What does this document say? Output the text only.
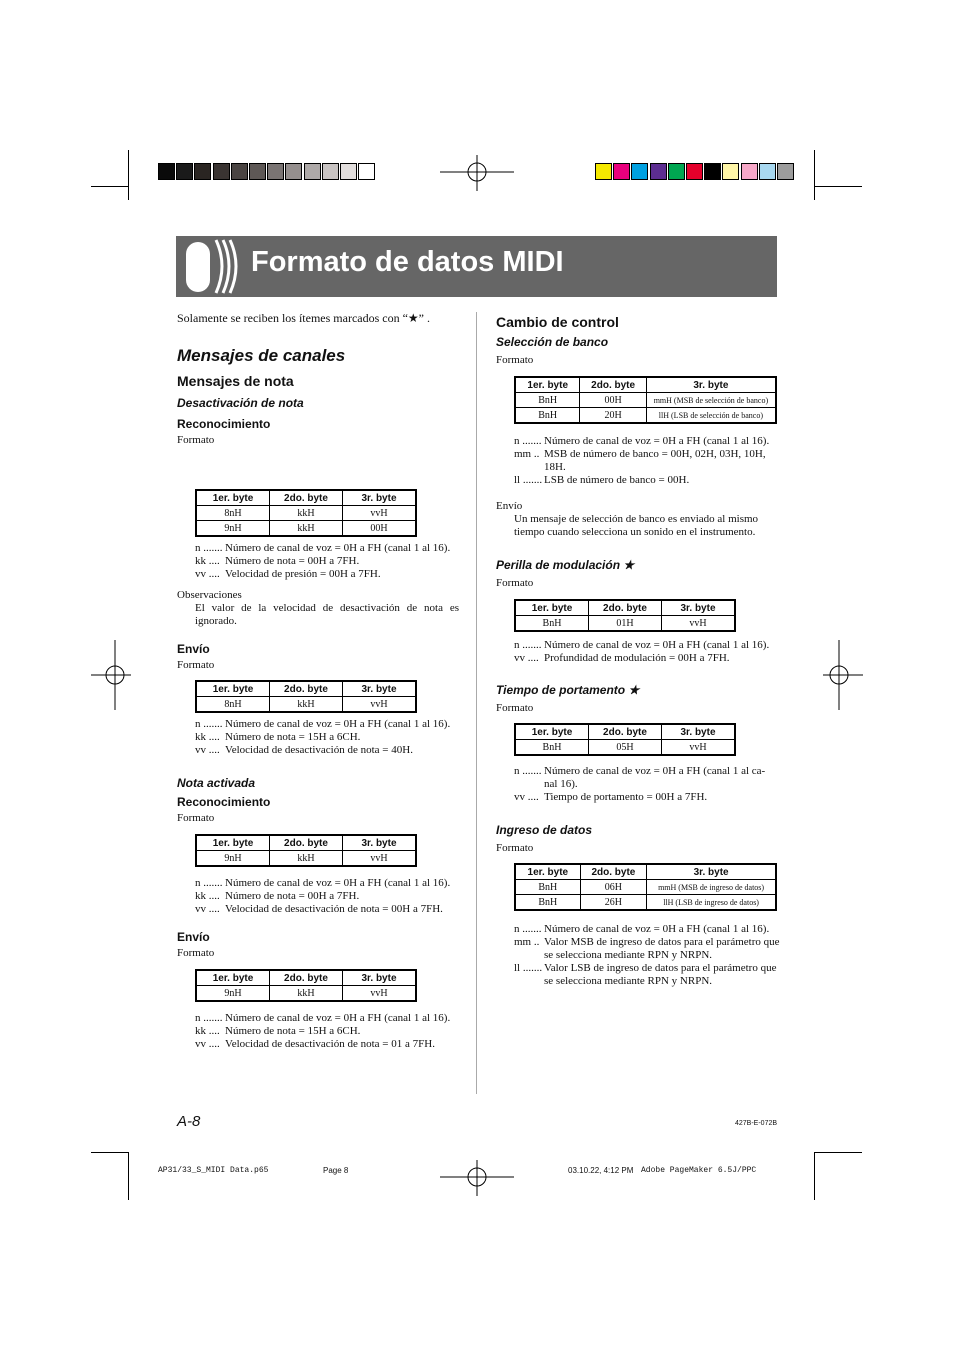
Formato de datos MIDI
Solamente se reciben los ítemes marcados con “★” .
Mensajes de canales
Mensajes de nota
Desactivación de nota
Reconocimiento
Formato
1er. byte	2do. byte	3r. byte
8nH	kkH	vvH
9nH	kkH	00H
n ....... Número de canal de voz = 0H a FH (canal 1 al 16).
kk .... Número de nota = 00H a 7FH.
vv .... Velocidad de presión = 00H a 7FH.
Observaciones
El valor de la velocidad de desactivación de nota es ignorado.
Envío
Formato
1er. byte	2do. byte	3r. byte
8nH	kkH	vvH
n ....... Número de canal de voz = 0H a FH (canal 1 al 16).
kk .... Número de nota = 15H a 6CH.
vv .... Velocidad de desactivación de nota = 40H.
Nota activada
Reconocimiento
Formato
1er. byte	2do. byte	3r. byte
9nH	kkH	vvH
n ....... Número de canal de voz = 0H a FH (canal 1 al 16).
kk .... Número de nota = 00H a 7FH.
vv .... Velocidad de desactivación de nota = 00H a 7FH.
Envío
Formato
1er. byte	2do. byte	3r. byte
9nH	kkH	vvH
n ....... Número de canal de voz = 0H a FH (canal 1 al 16).
kk .... Número de nota = 15H a 6CH.
vv .... Velocidad de desactivación de nota = 01 a 7FH.
Cambio de control
Selección de banco
Formato
1er. byte	2do. byte	3r. byte
BnH	00H	mmH (MSB de selección de banco)
BnH	20H	llH (LSB de selección de banco)
n ....... Número de canal de voz = 0H a FH (canal 1 al 16).
mm .. MSB de número de banco = 00H, 02H, 03H, 10H, 18H.
ll ....... LSB de número de banco = 00H.
Envío
Un mensaje de selección de banco es enviado al mismo tiempo cuando selecciona un sonido en el instrumento.
Perilla de modulación ★
Formato
1er. byte	2do. byte	3r. byte
BnH	01H	vvH
n ....... Número de canal de voz = 0H a FH (canal 1 al 16).
vv .... Profundidad de modulación = 00H a 7FH.
Tiempo de portamento ★
Formato
1er. byte	2do. byte	3r. byte
BnH	05H	vvH
n ....... Número de canal de voz = 0H a FH (canal 1 al ca- nal 16).
vv .... Tiempo de portamento = 00H a 7FH.
Ingreso de datos
Formato
1er. byte	2do. byte	3r. byte
BnH	06H	mmH (MSB de ingreso de datos)
BnH	26H	llH (LSB de ingreso de datos)
n ....... Número de canal de voz = 0H a FH (canal 1 al 16).
mm .. Valor MSB de ingreso de datos para el parámetro que se selecciona mediante RPN y NRPN.
ll ....... Valor LSB de ingreso de datos para el parámetro que se selecciona mediante RPN y NRPN.
A-8	427B-E-072B
AP31/33_S_MIDI Data.p65	Page 8	03.10.22, 4:12 PM Adobe PageMaker 6.5J/PPC
